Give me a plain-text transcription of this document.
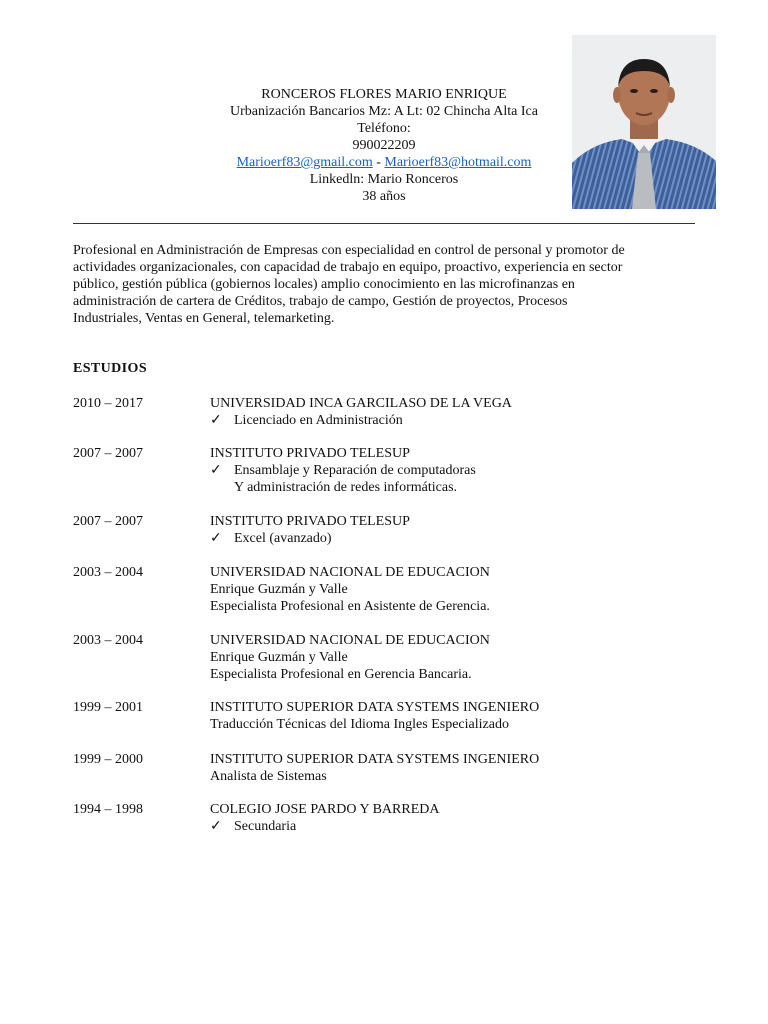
RONCEROS FLORES MARIO ENRIQUE
Urbanización Bancarios Mz: A Lt: 02 Chincha Alta Ica
Teléfono:
990022209
Marioerf83@gmail.com - Marioerf83@hotmail.com
Linkedln: Mario Ronceros
38 años
Profesional en Administración de Empresas con especialidad en control de personal y promotor de
actividades organizacionales, con capacidad de trabajo en equipo, proactivo, experiencia en sector
público, gestión pública (gobiernos locales) amplio conocimiento en las microfinanzas en
administración de cartera de Créditos, trabajo de campo, Gestión de proyectos, Procesos
Industriales, Ventas en General, telemarketing.
ESTUDIOS
2010 – 2017	UNIVERSIDAD INCA GARCILASO DE LA VEGA
✓ Licenciado en Administración
2007 – 2007	INSTITUTO PRIVADO TELESUP
✓ Ensamblaje y Reparación de computadoras
Y administración de redes informáticas.
2007 – 2007	INSTITUTO PRIVADO TELESUP
✓ Excel (avanzado)
2003 – 2004	UNIVERSIDAD NACIONAL DE EDUCACION
Enrique Guzmán y Valle
Especialista Profesional en Asistente de Gerencia.
2003 – 2004	UNIVERSIDAD NACIONAL DE EDUCACION
Enrique Guzmán y Valle
Especialista Profesional en Gerencia Bancaria.
1999 – 2001	INSTITUTO SUPERIOR DATA SYSTEMS INGENIERO
Traducción Técnicas del Idioma Ingles Especializado
1999 – 2000	INSTITUTO SUPERIOR DATA SYSTEMS INGENIERO
Analista de Sistemas
1994 – 1998	COLEGIO JOSE PARDO Y BARREDA
✓ Secundaria
